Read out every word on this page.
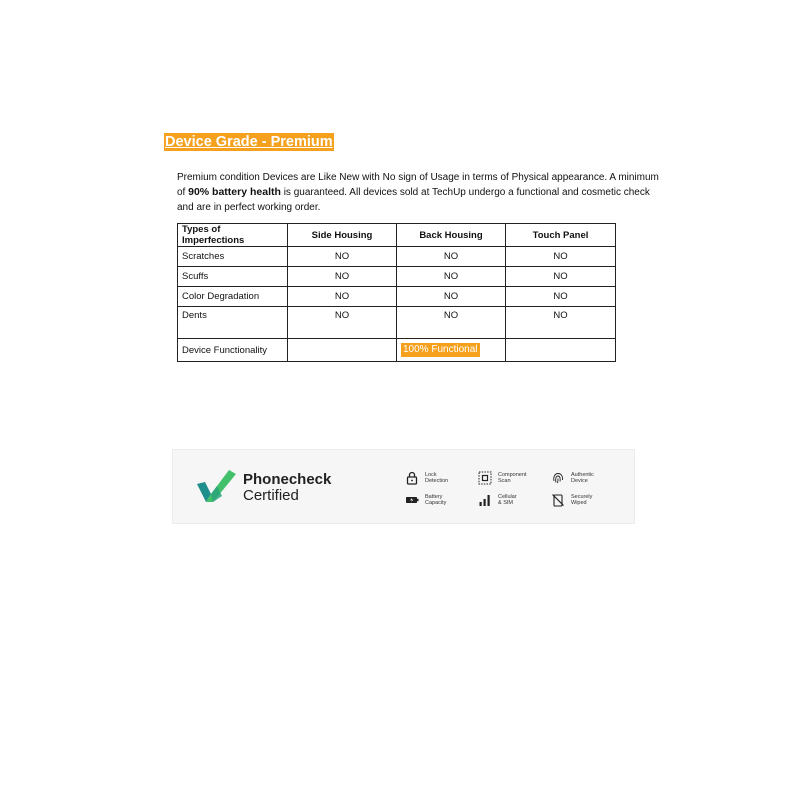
Device Grade - Premium

Premium condition Devices are Like New with No sign of Usage in terms of Physical appearance. A minimum of 90% battery health is guaranteed. All devices sold at TechUp undergo a functional and cosmetic check and are in perfect working order.

Types of Imperfections	Side Housing	Back Housing	Touch Panel
Scratches	NO	NO	NO
Scuffs	NO	NO	NO
Color Degradation	NO	NO	NO
Dents	NO	NO	NO
Device Functionality		100% Functional	
Phonecheck
Certified
Lock
Detection
Component
Scan
Authentic
Device
Battery
Capacity
Cellular
& SIM
Securely
Wiped
